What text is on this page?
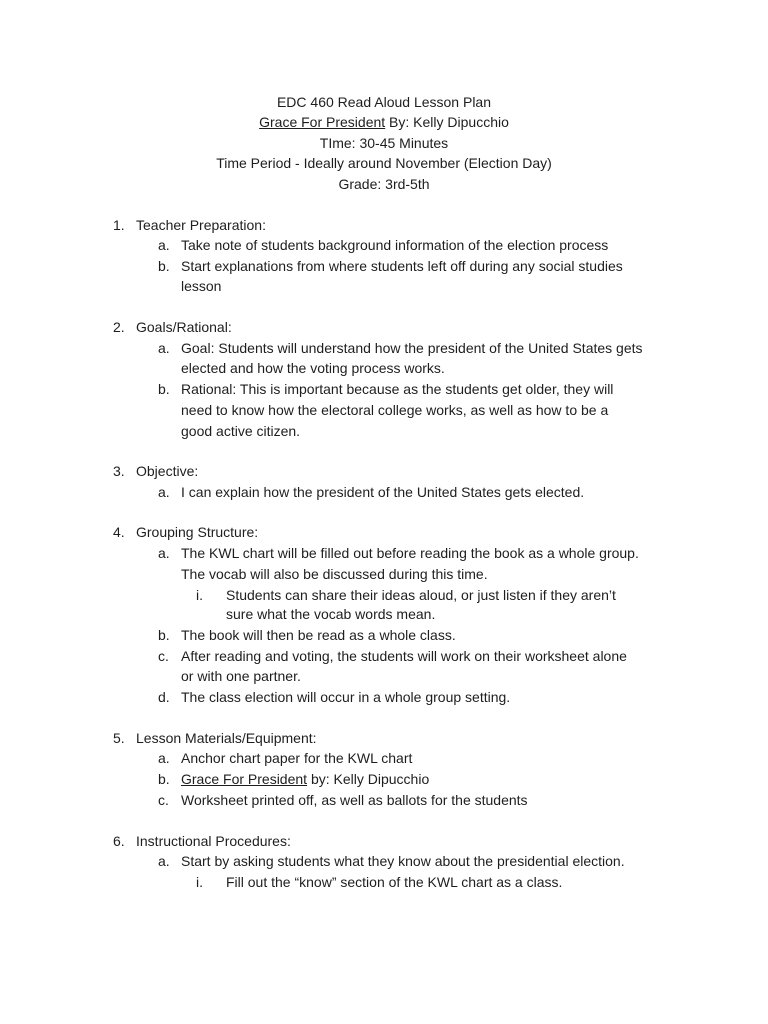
EDC 460 Read Aloud Lesson Plan
Grace For President By: Kelly Dipucchio
TIme: 30-45 Minutes
Time Period - Ideally around November (Election Day)
Grade: 3rd-5th
1. Teacher Preparation:
a. Take note of students background information of the election process
b. Start explanations from where students left off during any social studies
lesson
2. Goals/Rational:
a. Goal: Students will understand how the president of the United States gets
elected and how the voting process works.
b. Rational: This is important because as the students get older, they will
need to know how the electoral college works, as well as how to be a
good active citizen.
3. Objective:
a. I can explain how the president of the United States gets elected.
4. Grouping Structure:
a. The KWL chart will be filled out before reading the book as a whole group.
The vocab will also be discussed during this time.
i. Students can share their ideas aloud, or just listen if they aren’t
sure what the vocab words mean.
b. The book will then be read as a whole class.
c. After reading and voting, the students will work on their worksheet alone
or with one partner.
d. The class election will occur in a whole group setting.
5. Lesson Materials/Equipment:
a. Anchor chart paper for the KWL chart
b. Grace For President by: Kelly Dipucchio
c. Worksheet printed off, as well as ballots for the students
6. Instructional Procedures:
a. Start by asking students what they know about the presidential election.
i. Fill out the “know” section of the KWL chart as a class.
